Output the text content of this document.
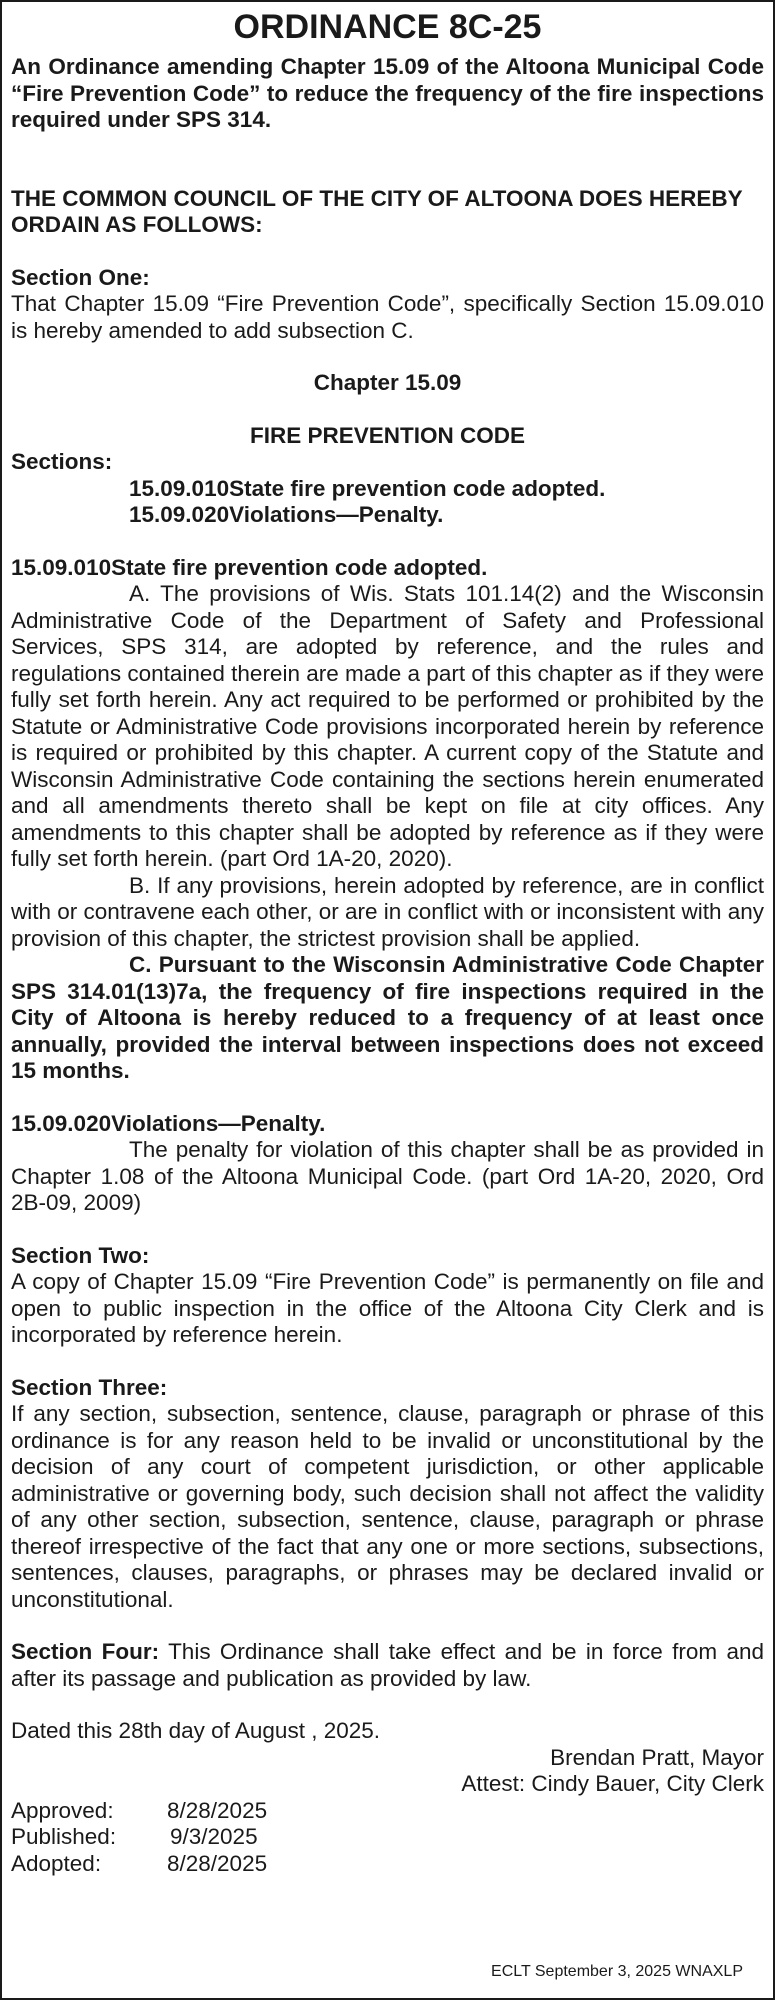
ORDINANCE 8C-25

An Ordinance amending Chapter 15.09 of the Altoona Municipal Code “Fire Prevention Code” to reduce the frequency of the fire inspections required under SPS 314.

THE COMMON COUNCIL OF THE CITY OF ALTOONA DOES HEREBY ORDAIN AS FOLLOWS:

Section One:

That Chapter 15.09 “Fire Prevention Code”, specifically Section 15.09.010 is hereby amended to add subsection C.

Chapter 15.09

FIRE PREVENTION CODE

Sections:

15.09.010State fire prevention code adopted.
15.09.020Violations—Penalty.

15.09.010State fire prevention code adopted.

A. The provisions of Wis. Stats 101.14(2) and the Wisconsin Administrative Code of the Department of Safety and Professional Services, SPS 314, are adopted by reference, and the rules and regulations contained therein are made a part of this chapter as if they were fully set forth herein. Any act required to be performed or prohibited by the Statute or Administrative Code provisions incorporated herein by reference is required or prohibited by this chapter. A current copy of the Statute and Wisconsin Administrative Code containing the sections herein enumerated and all amendments thereto shall be kept on file at city offices. Any amendments to this chapter shall be adopted by reference as if they were fully set forth herein. (part Ord 1A-20, 2020).

B. If any provisions, herein adopted by reference, are in conflict with or contravene each other, or are in conflict with or inconsistent with any provision of this chapter, the strictest provision shall be applied.

C. Pursuant to the Wisconsin Administrative Code Chapter SPS 314.01(13)7a, the frequency of fire inspections required in the City of Altoona is hereby reduced to a frequency of at least once annually, provided the interval between inspections does not exceed 15 months.

15.09.020Violations—Penalty.

The penalty for violation of this chapter shall be as provided in Chapter 1.08 of the Altoona Municipal Code. (part Ord 1A-20, 2020, Ord 2B-09, 2009)

Section Two:

A copy of Chapter 15.09 “Fire Prevention Code” is permanently on file and open to public inspection in the office of the Altoona City Clerk and is incorporated by reference herein.

Section Three:

If any section, subsection, sentence, clause, paragraph or phrase of this ordinance is for any reason held to be invalid or unconstitutional by the decision of any court of competent jurisdiction, or other applicable administrative or governing body, such decision shall not affect the validity of any other section, subsection, sentence, clause, paragraph or phrase thereof irrespective of the fact that any one or more sections, subsections, sentences, clauses, paragraphs, or phrases may be declared invalid or unconstitutional.

Section Four: This Ordinance shall take effect and be in force from and after its passage and publication as provided by law.

Dated this 28th day of August , 2025.

Brendan Pratt, Mayor

Attest: Cindy Bauer, City Clerk

Approved:	8/28/2025
Published:	9/3/2025
Adopted:	8/28/2025
ECLT September 3, 2025 WNAXLP
